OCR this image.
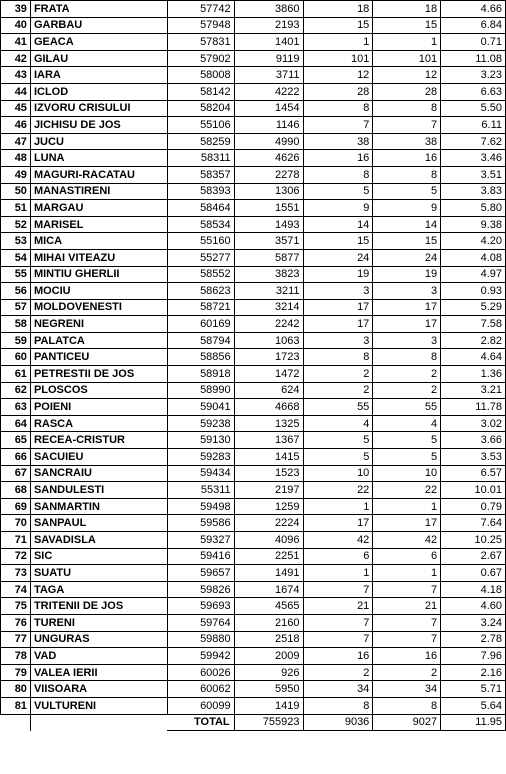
39	FRATA	57742	3860	18	18	4.66
40	GARBAU	57948	2193	15	15	6.84
41	GEACA	57831	1401	1	1	0.71
42	GILAU	57902	9119	101	101	11.08
43	IARA	58008	3711	12	12	3.23
44	ICLOD	58142	4222	28	28	6.63
45	IZVORU CRISULUI	58204	1454	8	8	5.50
46	JICHISU DE JOS	55106	1146	7	7	6.11
47	JUCU	58259	4990	38	38	7.62
48	LUNA	58311	4626	16	16	3.46
49	MAGURI-RACATAU	58357	2278	8	8	3.51
50	MANASTIRENI	58393	1306	5	5	3.83
51	MARGAU	58464	1551	9	9	5.80
52	MARISEL	58534	1493	14	14	9.38
53	MICA	55160	3571	15	15	4.20
54	MIHAI VITEAZU	55277	5877	24	24	4.08
55	MINTIU GHERLII	58552	3823	19	19	4.97
56	MOCIU	58623	3211	3	3	0.93
57	MOLDOVENESTI	58721	3214	17	17	5.29
58	NEGRENI	60169	2242	17	17	7.58
59	PALATCA	58794	1063	3	3	2.82
60	PANTICEU	58856	1723	8	8	4.64
61	PETRESTII DE JOS	58918	1472	2	2	1.36
62	PLOSCOS	58990	624	2	2	3.21
63	POIENI	59041	4668	55	55	11.78
64	RASCA	59238	1325	4	4	3.02
65	RECEA-CRISTUR	59130	1367	5	5	3.66
66	SACUIEU	59283	1415	5	5	3.53
67	SANCRAIU	59434	1523	10	10	6.57
68	SANDULESTI	55311	2197	22	22	10.01
69	SANMARTIN	59498	1259	1	1	0.79
70	SANPAUL	59586	2224	17	17	7.64
71	SAVADISLA	59327	4096	42	42	10.25
72	SIC	59416	2251	6	6	2.67
73	SUATU	59657	1491	1	1	0.67
74	TAGA	59826	1674	7	7	4.18
75	TRITENII DE JOS	59693	4565	21	21	4.60
76	TURENI	59764	2160	7	7	3.24
77	UNGURAS	59880	2518	7	7	2.78
78	VAD	59942	2009	16	16	7.96
79	VALEA IERII	60026	926	2	2	2.16
80	VIISOARA	60062	5950	34	34	5.71
81	VULTURENI	60099	1419	8	8	5.64
		TOTAL	755923	9036	9027	11.95
